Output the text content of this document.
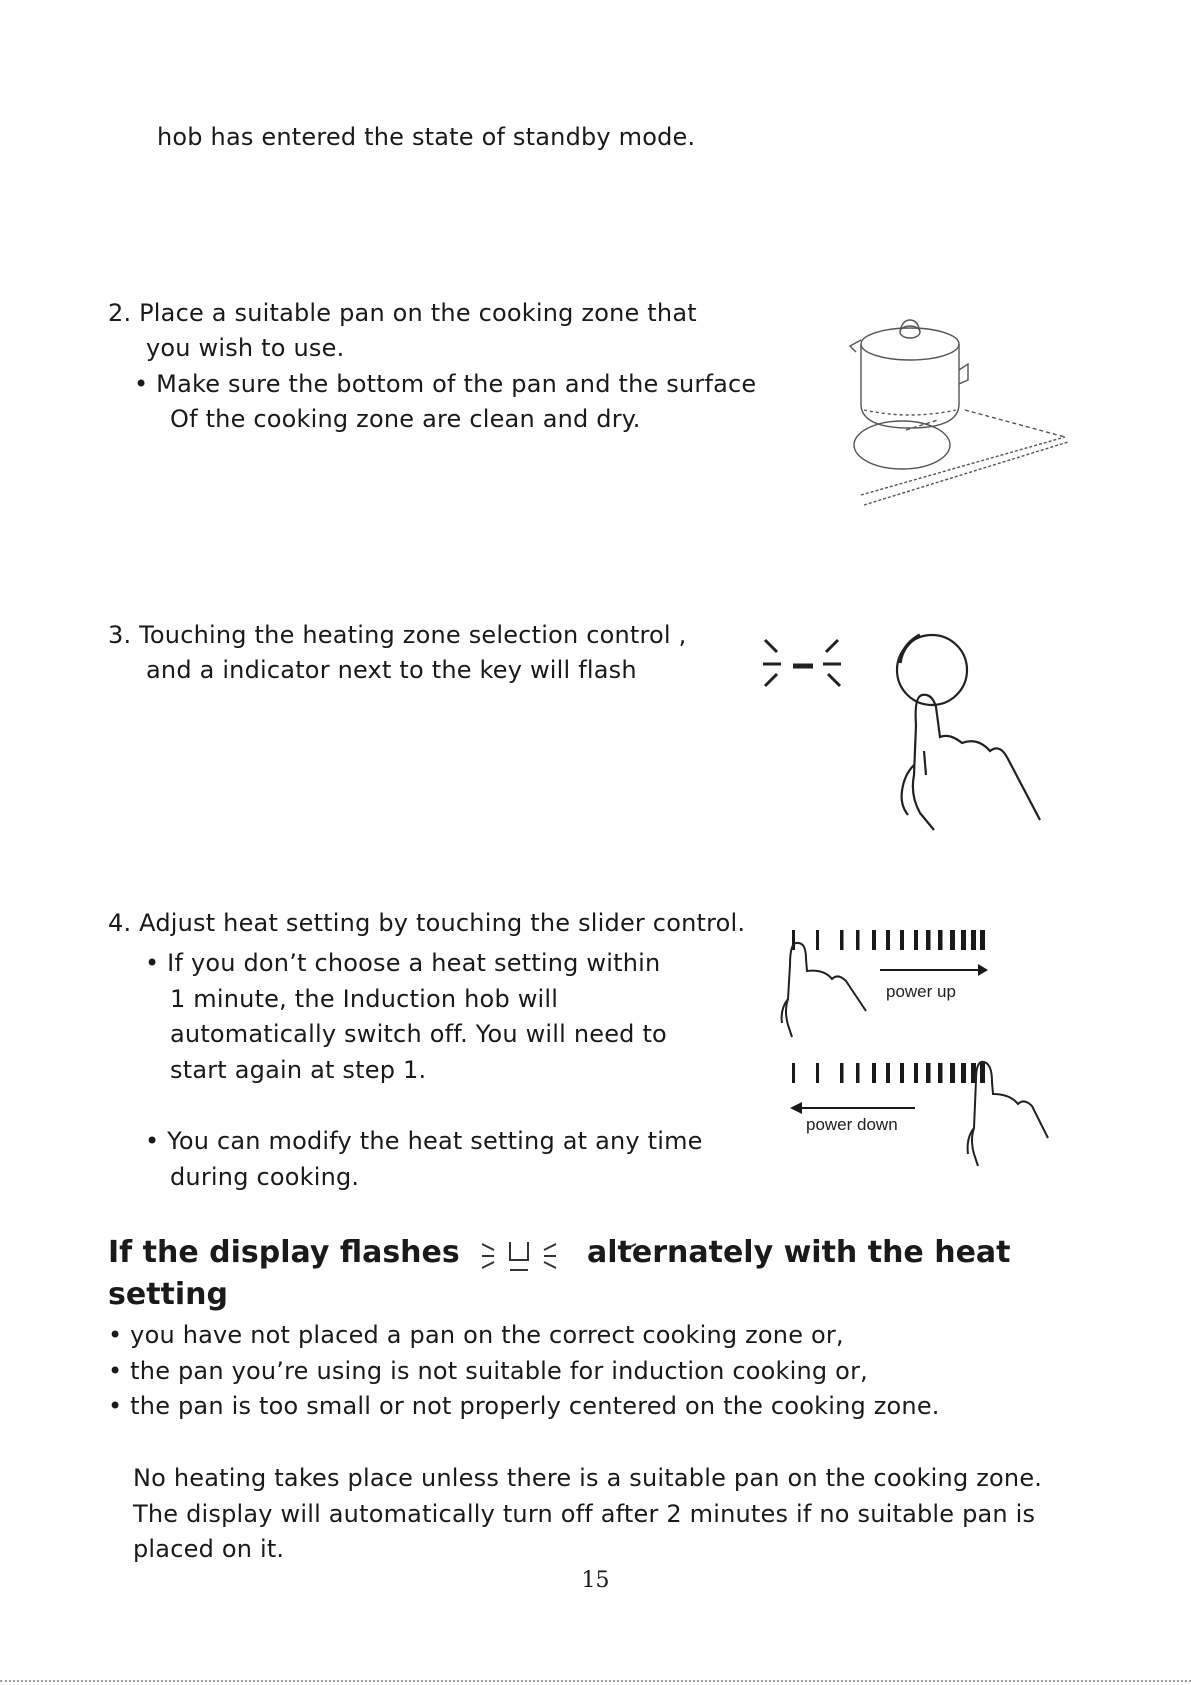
hob has entered the state of standby mode.
2. Place a suitable pan on the cooking zone that
you wish to use.
• Make sure the bottom of the pan and the surface
Of the cooking zone are clean and dry.
3. Touching the heating zone selection control ,
and a indicator next to the key will flash
4. Adjust heat setting by touching the slider control.
• If you don’t choose a heat setting within
1 minute, the Induction hob will
automatically switch off. You will need to
start again at step 1.
• You can modify the heat setting at any time
during cooking.
power up
power down
If the display flashes	alternately with the heat
setting
• you have not placed a pan on the correct cooking zone or,
• the pan you’re using is not suitable for induction cooking or,
• the pan is too small or not properly centered on the cooking zone.
No heating takes place unless there is a suitable pan on the cooking zone.
The display will automatically turn off after 2 minutes if no suitable pan is
placed on it.
15
